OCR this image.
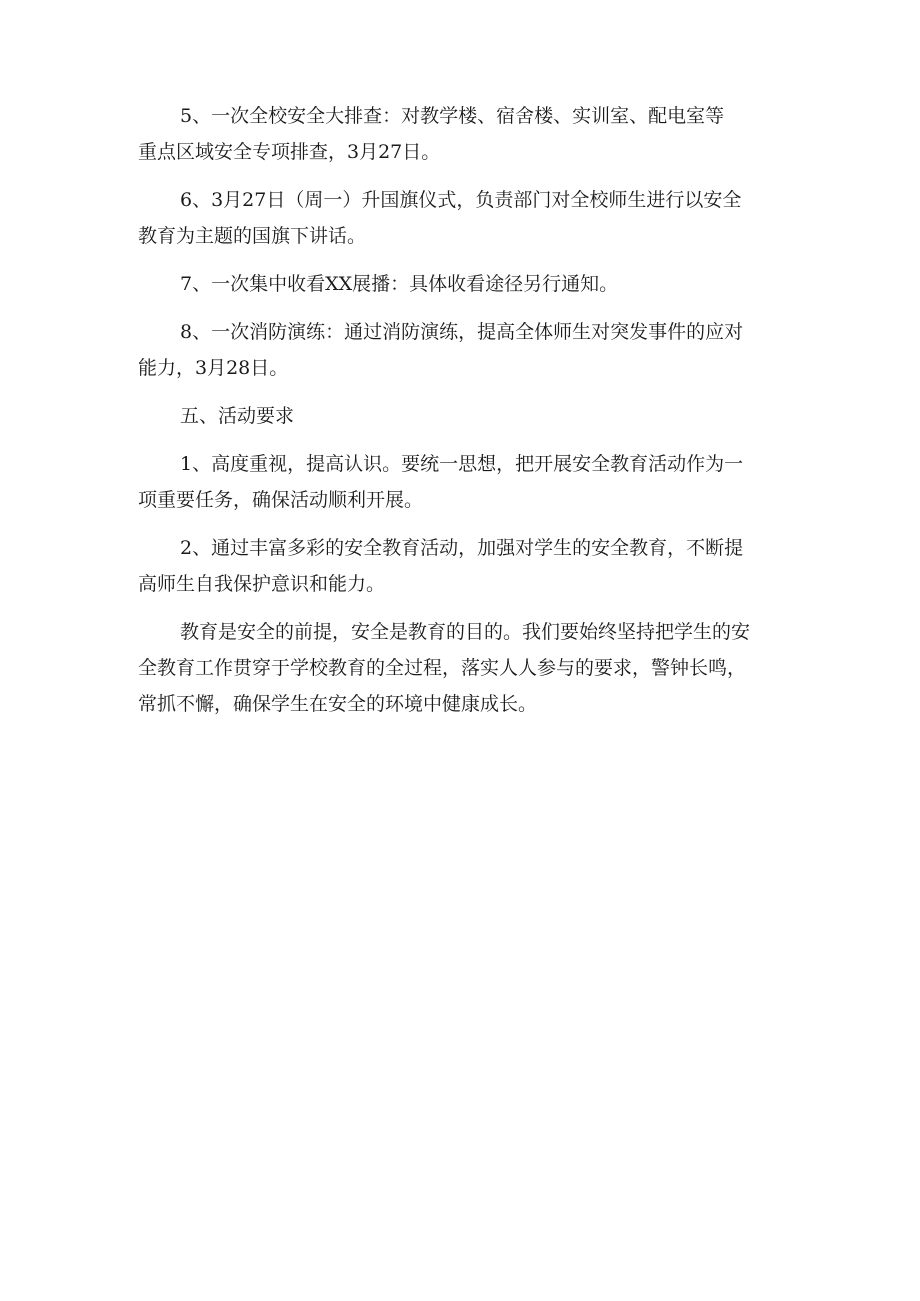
5、一次全校安全大排查：对教学楼、宿舍楼、实训室、配电室等
重点区域安全专项排查，3月27日。

6、3月27日（周一）升国旗仪式，负责部门对全校师生进行以安全
教育为主题的国旗下讲话。

7、一次集中收看XX展播：具体收看途径另行通知。

8、一次消防演练：通过消防演练，提高全体师生对突发事件的应对
能力，3月28日。

五、活动要求

1、高度重视，提高认识。要统一思想，把开展安全教育活动作为一
项重要任务，确保活动顺利开展。

2、通过丰富多彩的安全教育活动，加强对学生的安全教育，不断提
高师生自我保护意识和能力。

教育是安全的前提，安全是教育的目的。我们要始终坚持把学生的安
全教育工作贯穿于学校教育的全过程，落实人人参与的要求，警钟长鸣，
常抓不懈，确保学生在安全的环境中健康成长。
